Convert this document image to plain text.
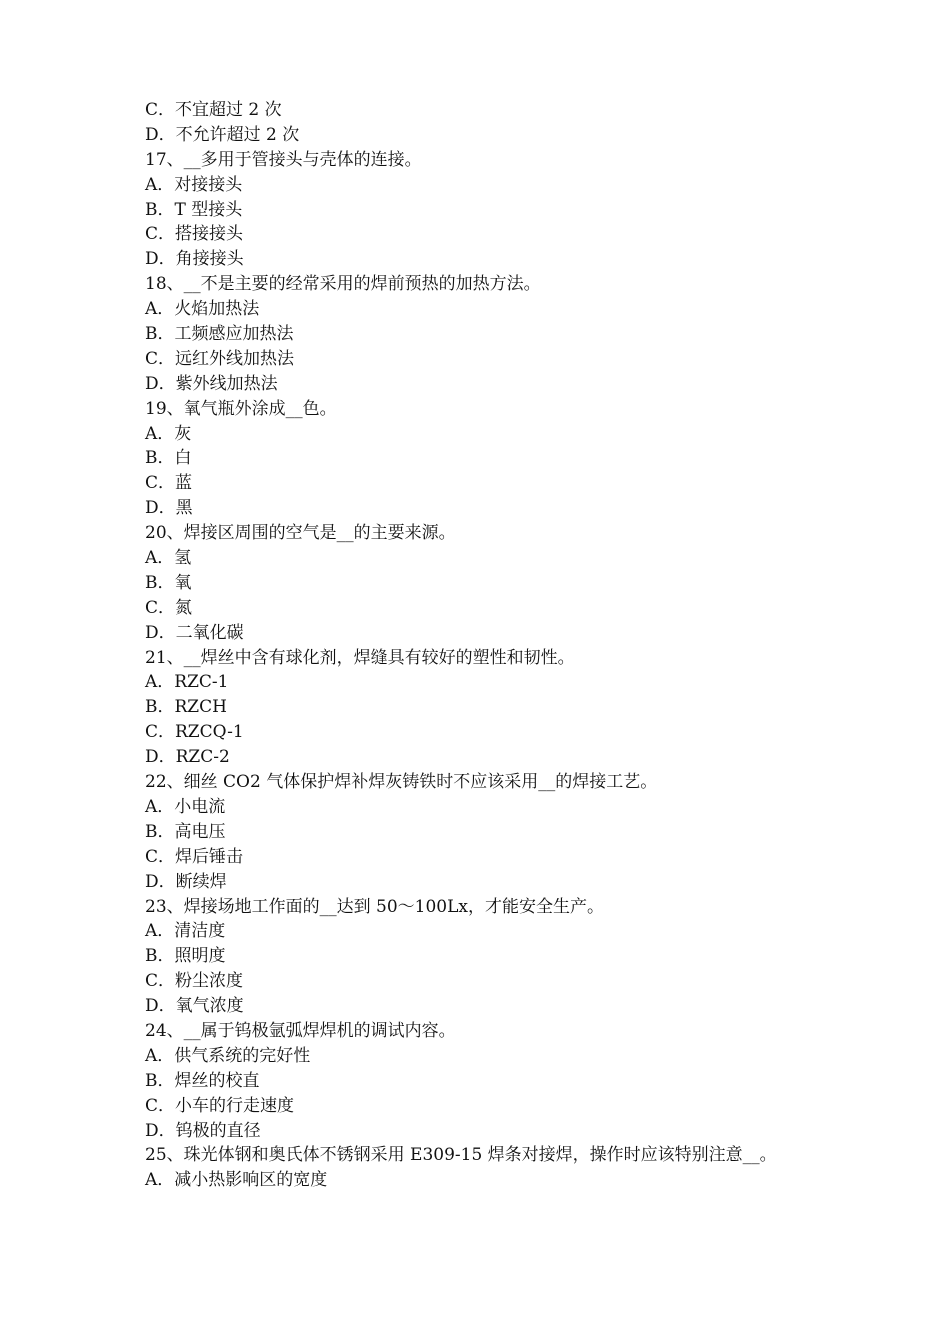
C．不宜超过 2 次
D．不允许超过 2 次
17、__多用于管接头与壳体的连接。
A．对接接头
B．T 型接头
C．搭接接头
D．角接接头
18、__不是主要的经常采用的焊前预热的加热方法。
A．火焰加热法
B．工频感应加热法
C．远红外线加热法
D．紫外线加热法
19、氧气瓶外涂成__色。
A．灰
B．白
C．蓝
D．黑
20、焊接区周围的空气是__的主要来源。
A．氢
B．氧
C．氮
D．二氧化碳
21、__焊丝中含有球化剂，焊缝具有较好的塑性和韧性。
A．RZC-1
B．RZCH
C．RZCQ-1
D．RZC-2
22、细丝 CO2 气体保护焊补焊灰铸铁时不应该采用__的焊接工艺。
A．小电流
B．高电压
C．焊后锤击
D．断续焊
23、焊接场地工作面的__达到 50～100Lx，才能安全生产。
A．清洁度
B．照明度
C．粉尘浓度
D．氧气浓度
24、__属于钨极氩弧焊焊机的调试内容。
A．供气系统的完好性
B．焊丝的校直
C．小车的行走速度
D．钨极的直径
25、珠光体钢和奥氏体不锈钢采用 E309-15 焊条对接焊，操作时应该特别注意__。
A．减小热影响区的宽度
